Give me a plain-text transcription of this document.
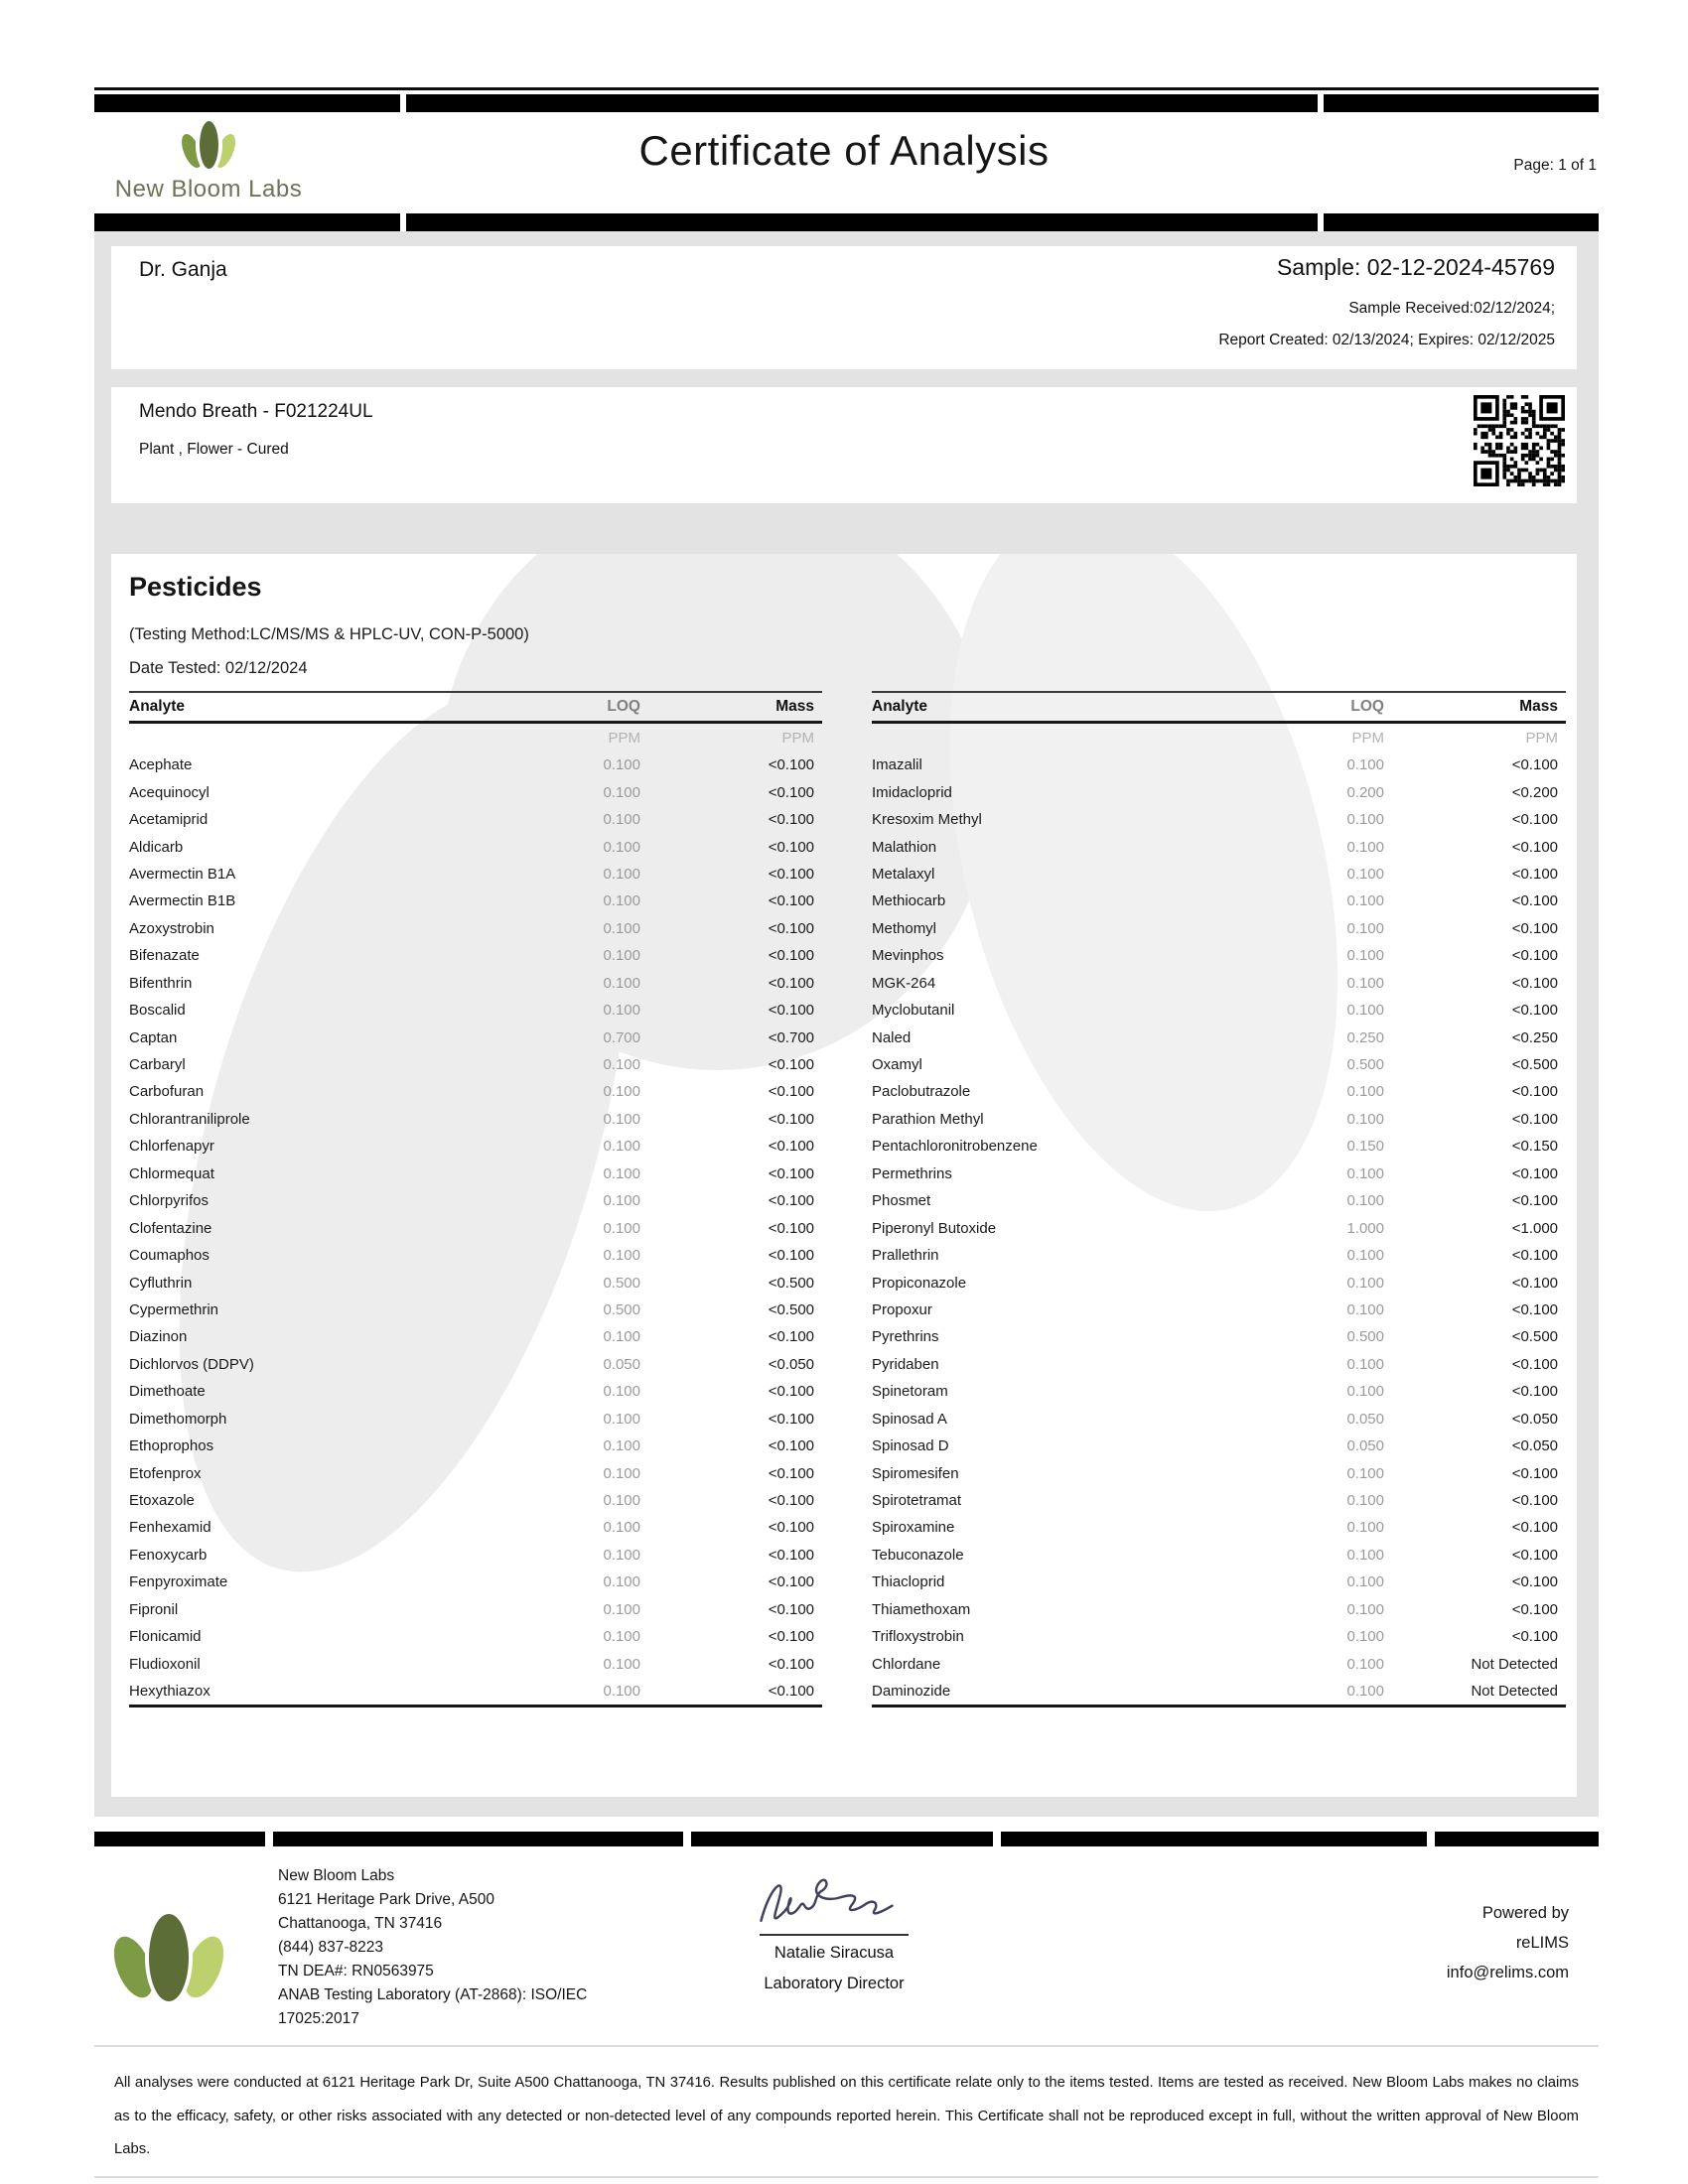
New Bloom Labs
Certificate of Analysis	Page: 1 of 1
Dr. Ganja	Sample: 02-12-2024-45769
Sample Received:02/12/2024;
Report Created: 02/13/2024; Expires: 02/12/2025
Mendo Breath - F021224UL
Plant , Flower - Cured
Pesticides
(Testing Method:LC/MS/MS & HPLC-UV, CON-P-5000)
Date Tested: 02/12/2024
Analyte	LOQ	Mass
PPM	PPM
Acephate	0.100	<0.100
Acequinocyl	0.100	<0.100
Acetamiprid	0.100	<0.100
Aldicarb	0.100	<0.100
Avermectin B1A	0.100	<0.100
Avermectin B1B	0.100	<0.100
Azoxystrobin	0.100	<0.100
Bifenazate	0.100	<0.100
Bifenthrin	0.100	<0.100
Boscalid	0.100	<0.100
Captan	0.700	<0.700
Carbaryl	0.100	<0.100
Carbofuran	0.100	<0.100
Chlorantraniliprole	0.100	<0.100
Chlorfenapyr	0.100	<0.100
Chlormequat	0.100	<0.100
Chlorpyrifos	0.100	<0.100
Clofentazine	0.100	<0.100
Coumaphos	0.100	<0.100
Cyfluthrin	0.500	<0.500
Cypermethrin	0.500	<0.500
Diazinon	0.100	<0.100
Dichlorvos (DDPV)	0.050	<0.050
Dimethoate	0.100	<0.100
Dimethomorph	0.100	<0.100
Ethoprophos	0.100	<0.100
Etofenprox	0.100	<0.100
Etoxazole	0.100	<0.100
Fenhexamid	0.100	<0.100
Fenoxycarb	0.100	<0.100
Fenpyroximate	0.100	<0.100
Fipronil	0.100	<0.100
Flonicamid	0.100	<0.100
Fludioxonil	0.100	<0.100
Hexythiazox	0.100	<0.100
Analyte	LOQ	Mass
PPM	PPM
Imazalil	0.100	<0.100
Imidacloprid	0.200	<0.200
Kresoxim Methyl	0.100	<0.100
Malathion	0.100	<0.100
Metalaxyl	0.100	<0.100
Methiocarb	0.100	<0.100
Methomyl	0.100	<0.100
Mevinphos	0.100	<0.100
MGK-264	0.100	<0.100
Myclobutanil	0.100	<0.100
Naled	0.250	<0.250
Oxamyl	0.500	<0.500
Paclobutrazole	0.100	<0.100
Parathion Methyl	0.100	<0.100
Pentachloronitrobenzene	0.150	<0.150
Permethrins	0.100	<0.100
Phosmet	0.100	<0.100
Piperonyl Butoxide	1.000	<1.000
Prallethrin	0.100	<0.100
Propiconazole	0.100	<0.100
Propoxur	0.100	<0.100
Pyrethrins	0.500	<0.500
Pyridaben	0.100	<0.100
Spinetoram	0.100	<0.100
Spinosad A	0.050	<0.050
Spinosad D	0.050	<0.050
Spiromesifen	0.100	<0.100
Spirotetramat	0.100	<0.100
Spiroxamine	0.100	<0.100
Tebuconazole	0.100	<0.100
Thiacloprid	0.100	<0.100
Thiamethoxam	0.100	<0.100
Trifloxystrobin	0.100	<0.100
Chlordane	0.100	Not Detected
Daminozide	0.100	Not Detected
New Bloom Labs
6121 Heritage Park Drive, A500
Chattanooga, TN 37416
(844) 837-8223
TN DEA#: RN0563975
ANAB Testing Laboratory (AT-2868): ISO/IEC
17025:2017
Natalie Siracusa
Laboratory Director
Powered by
reLIMS
info@relims.com
All analyses were conducted at 6121 Heritage Park Dr, Suite A500 Chattanooga, TN 37416. Results published on this certificate relate only to the items tested. Items are tested as received. New Bloom Labs makes no claims as to the efficacy, safety, or other risks associated with any detected or non-detected level of any compounds reported herein. This Certificate shall not be reproduced except in full, without the written approval of New Bloom Labs.
